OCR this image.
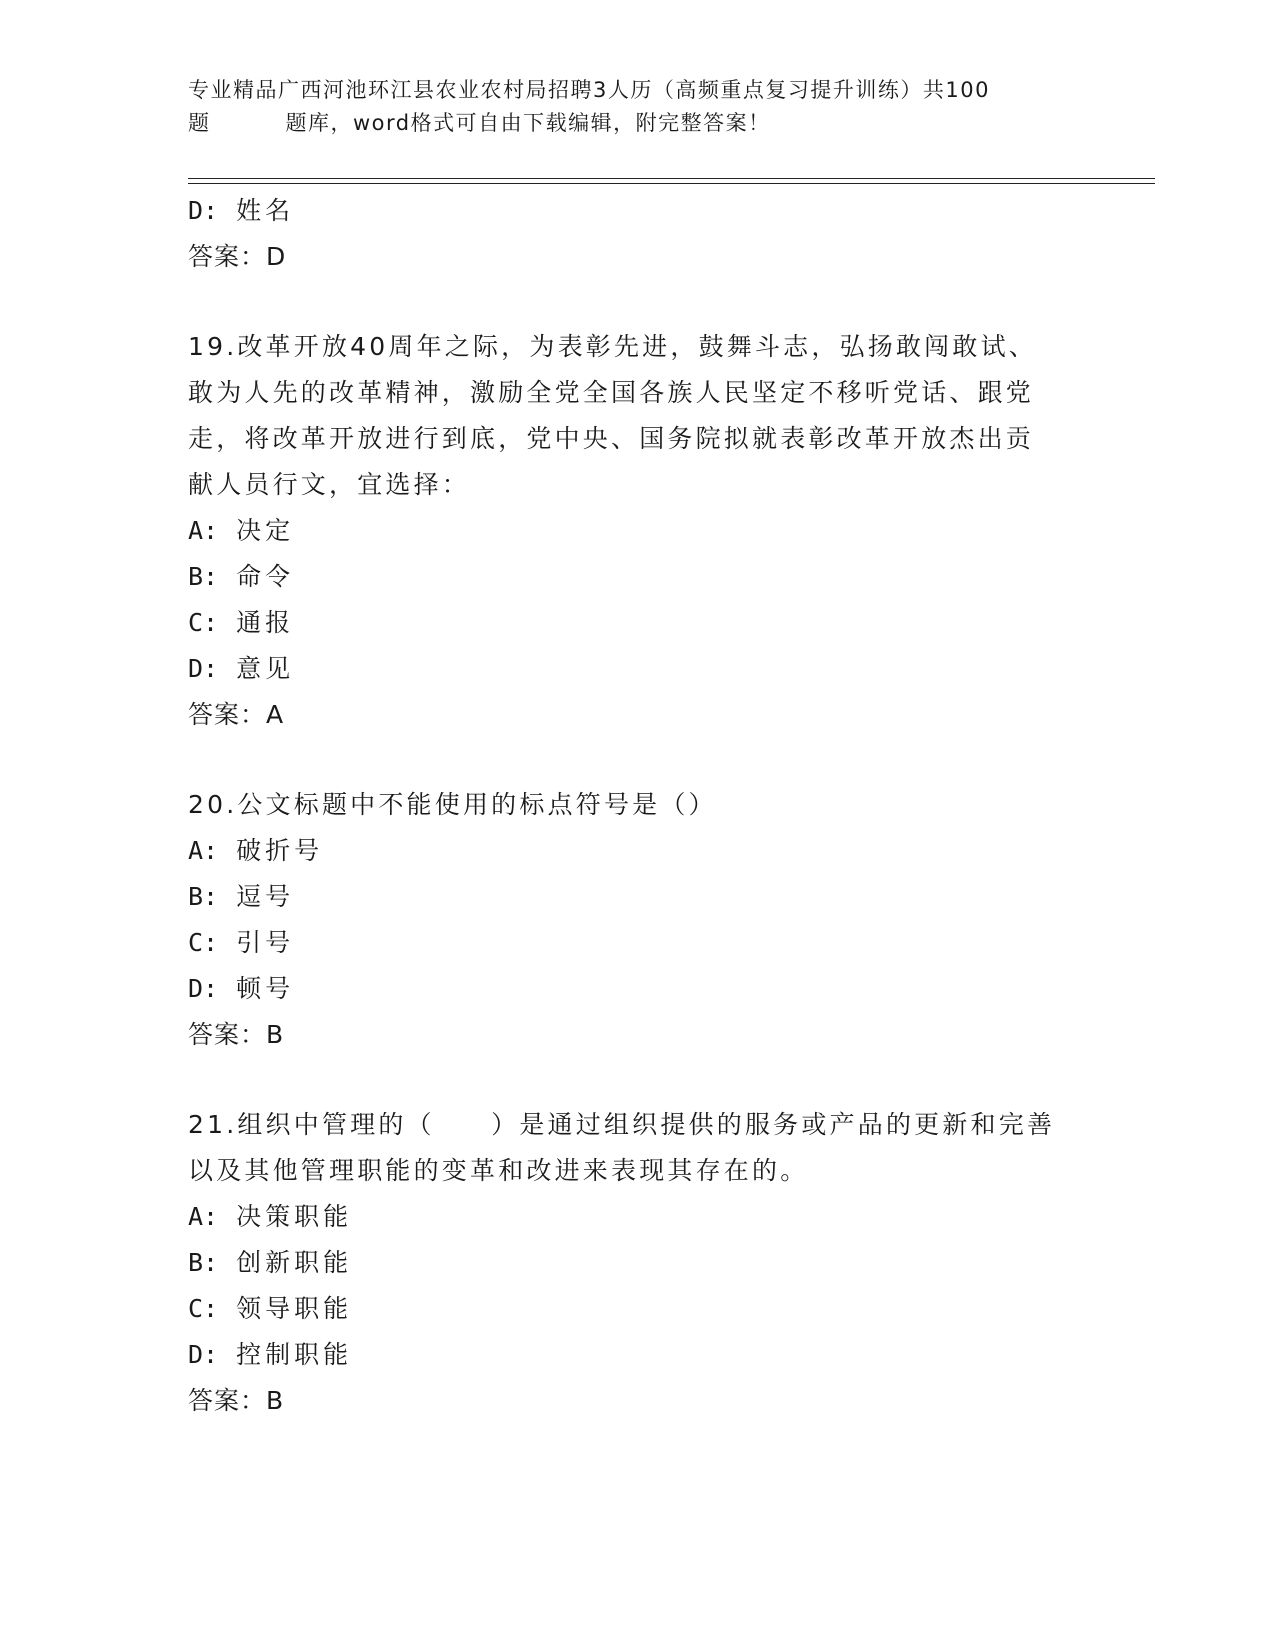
专业精品广西河池环江县农业农村局招聘3人历（高频重点复习提升训练）共100
题	题库，word格式可自由下载编辑，附完整答案！
D: 姓名
答案：D
19.改革开放40周年之际，为表彰先进，鼓舞斗志，弘扬敢闯敢试、
敢为人先的改革精神，激励全党全国各族人民坚定不移听党话、跟党
走，将改革开放进行到底，党中央、国务院拟就表彰改革开放杰出贡
献人员行文，宜选择：
A: 决定
B: 命令
C: 通报
D: 意见
答案：A
20.公文标题中不能使用的标点符号是（）
A: 破折号
B: 逗号
C: 引号
D: 顿号
答案：B
21.组织中管理的（　　）是通过组织提供的服务或产品的更新和完善
以及其他管理职能的变革和改进来表现其存在的。
A: 决策职能
B: 创新职能
C: 领导职能
D: 控制职能
答案：B
